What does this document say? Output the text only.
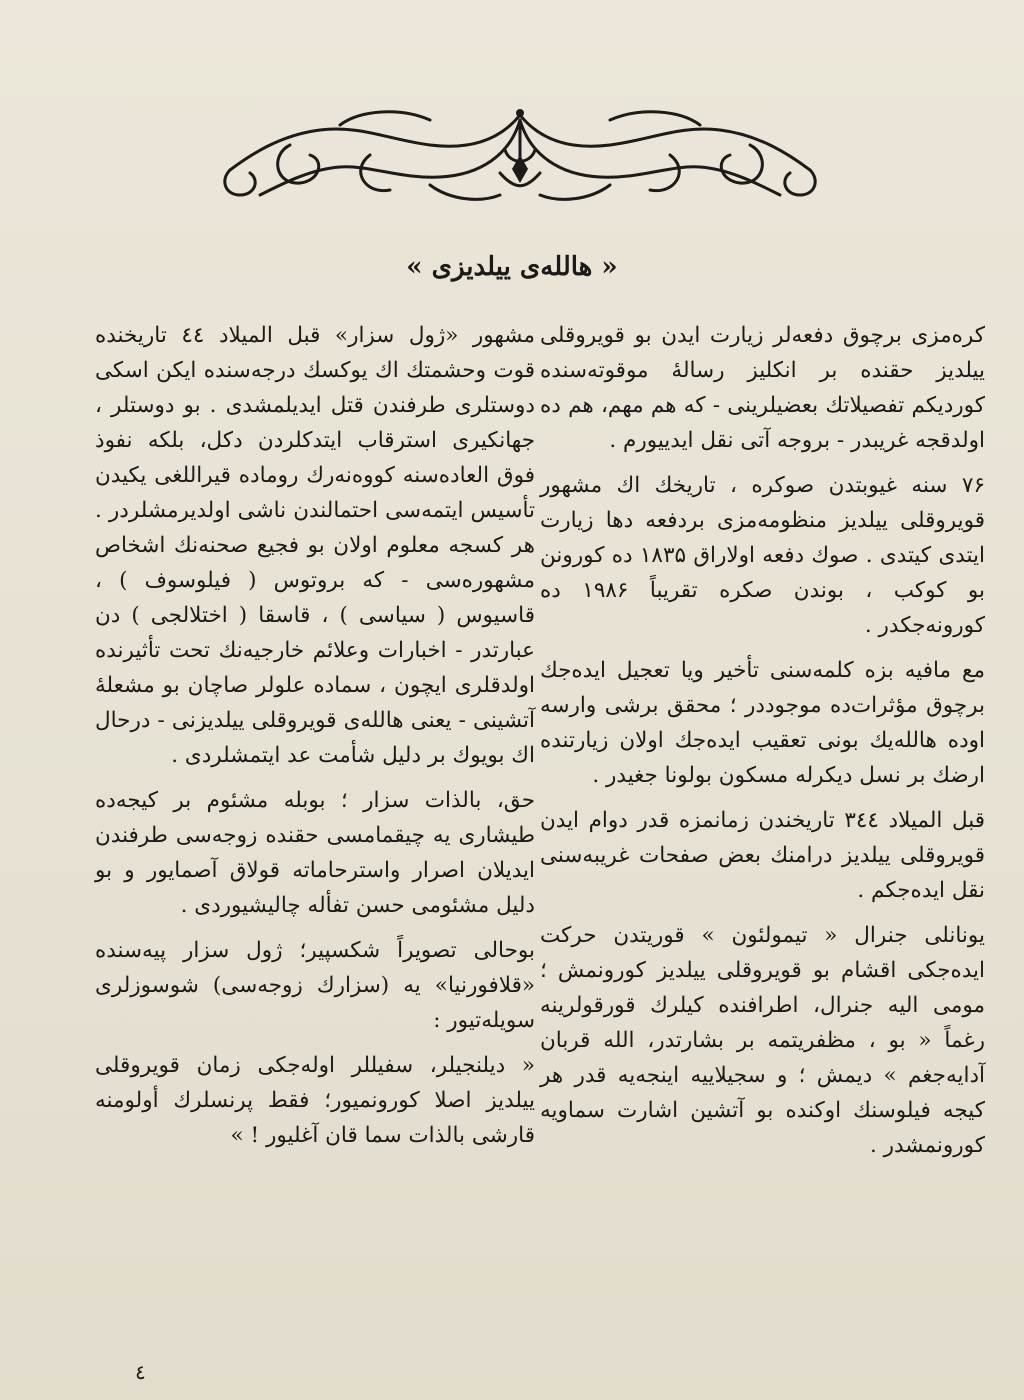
« هالله‌ی ییلدیزی »

کره‌مزی برچوق دفعه‌لر زیارت ایدن بو قویروقلی ییلدیز حقنده بر انکلیز رساله‌ٔ موقوته‌سنده کوردیکم تفصیلاتك بعضیلرینی - که هم مهم، هم ده اولدقجه غریبدر - بروجه آتی نقل ایدییورم .

۷۶ سنه غیوبتدن صوکره ، تاریخك اك مشهور قویروقلی ییلدیز منظومه‌مزی بردفعه دها زیارت ایتدی کیتدی . صوك دفعه اولاراق ۱۸۳۵ ده کورونن بو کوکب ، بوندن صکره تقریباً ۱۹۸۶ ده کورونه‌جکدر .

مع مافیه بزه کلمه‌سنی تأخیر ویا تعجیل ایده‌جك برچوق مؤثرات‌ده موجوددر ؛ محقق برشی وارسه اوده هالله‌یك بونی تعقیب ایده‌جك اولان زیارتنده ارضك بر نسل دیکرله مسکون بولونا جغیدر .

قبل المیلاد ۳٤٤ تاریخندن زمانمزه قدر دوام ایدن قویروقلی ییلدیز درامنك بعض صفحات غریبه‌سنی نقل ایده‌جکم .

یونانلی جنرال « تیمولئون » قوریتدن حرکت ایده‌جکی اقشام بو قویروقلی ییلدیز کورونمش ؛ مومی الیه جنرال، اطرافنده کیلرك قورقولرینه رغماً « بو ، مظفریتمه بر بشارتدر، الله قربان آدایه‌جغم » دیمش ؛ و سجیلاییه اینجه‌یه قدر هر کیجه فیلوسنك اوکنده بو آتشین اشارت سماویه کورونمشدر .

مشهور «ژول سزار» قبل المیلاد ٤٤ تاریخنده قوت وحشمتك اك یوکسك درجه‌سنده ایکن اسکی دوستلری طرفندن قتل ایدیلمشدی . بو دوستلر ، جهانکیری استرقاب ایتدکلردن دکل، بلکه نفوذ فوق العاده‌سنه کووه‌نه‌رك رومادە قیراللغی یکیدن تأسیس ایتمه‌سی احتمالندن ناشی اولدیرمشلردر . هر کسجه معلوم اولان بو فجیع صحنه‌نك اشخاص مشهوره‌سی - که بروتوس ( فیلوسوف ) ، قاسیوس ( سیاسی ) ، قاسقا ( اختلالجی ) دن عبارتدر - اخبارات وعلائم خارجیه‌نك تحت تأثیرنده اولدقلری ایچون ، سماده علولر صاچان بو مشعلهٔ آتشینی - یعنی هالله‌ی قویروقلی ییلدیزنی - درحال اك بویوك بر دلیل شأمت عد ایتمشلردی .

حق، بالذات سزار ؛ بوبله مشئوم بر کیجه‌ده طیشاری یه چیقمامسی حقنده زوجه‌سی طرفندن ایدیلان اصرار واسترحاماته قولاق آصمایور و بو دلیل مشئومی حسن تفأله چالیشیوردی .

بوحالی تصویراً شکسپیر؛ ژول سزار پیه‌سنده «قلافورنیا» یه (سزارك زوجه‌سی) شوسوزلری سویله‌تیور :

« دیلنجیلر، سفیللر اوله‌جکی زمان قویروقلی ییلدیز اصلا کورونمیور؛ فقط پرنسلرك أولومنه قارشی بالذات سما قان آغلیور ! »

٤
